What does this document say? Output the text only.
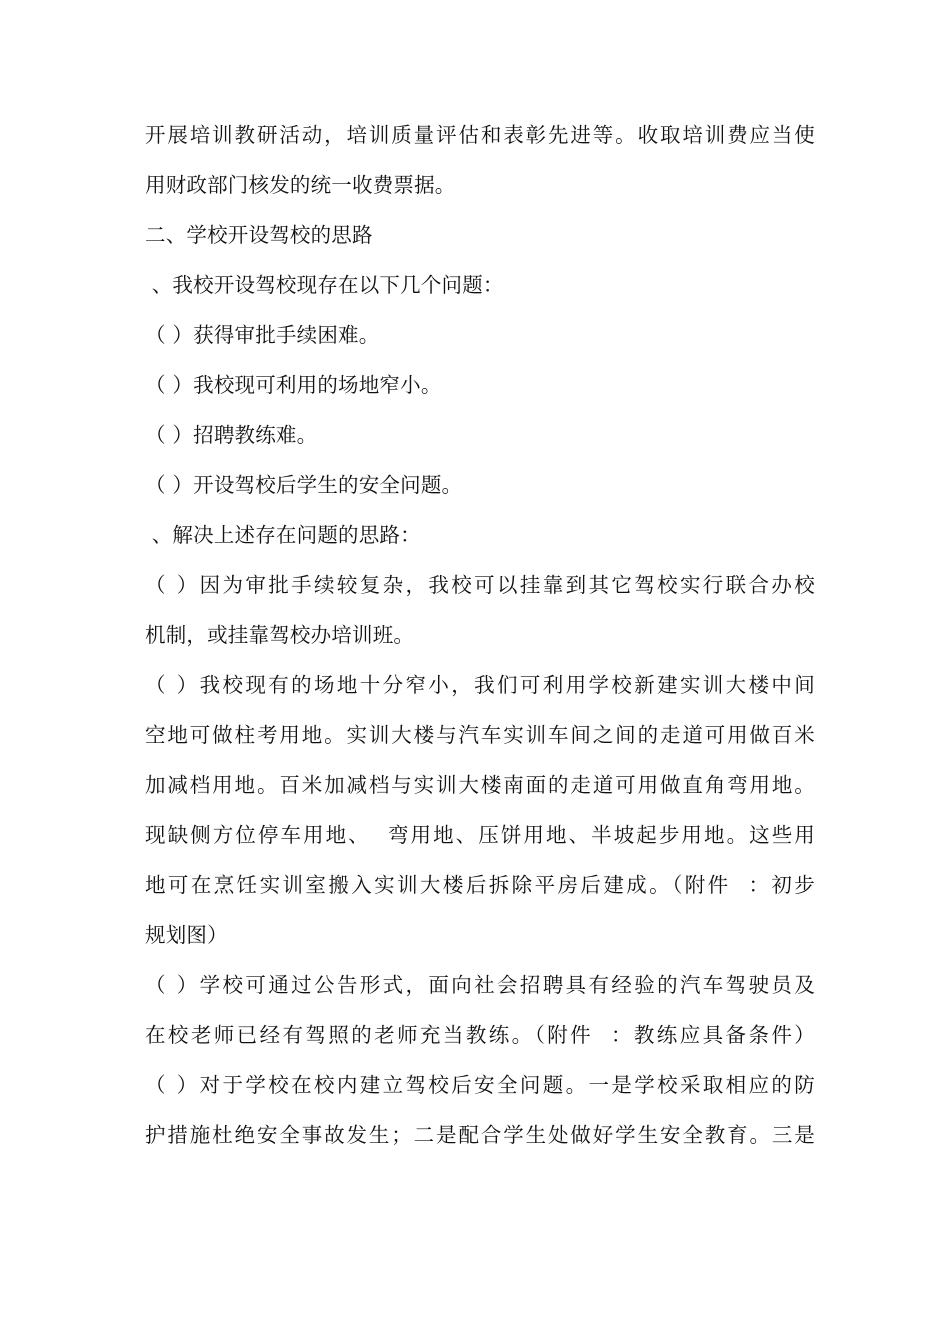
开展培训教研活动，培训质量评估和表彰先进等。收取培训费应当使
用财政部门核发的统一收费票据。
二、学校开设驾校的思路
、我校开设驾校现存在以下几个问题：
（ ）获得审批手续困难。
（ ）我校现可利用的场地窄小。
（ ）招聘教练难。
（ ）开设驾校后学生的安全问题。
、解决上述存在问题的思路：
（ ）因为审批手续较复杂，我校可以挂靠到其它驾校实行联合办校
机制，或挂靠驾校办培训班。
（ ）我校现有的场地十分窄小，我们可利用学校新建实训大楼中间
空地可做柱考用地。实训大楼与汽车实训车间之间的走道可用做百米
加减档用地。百米加减档与实训大楼南面的走道可用做直角弯用地。
现缺侧方位停车用地、  弯用地、压饼用地、半坡起步用地。这些用
地可在烹饪实训室搬入实训大楼后拆除平房后建成。（附件  ：初步
规划图）
（ ）学校可通过公告形式，面向社会招聘具有经验的汽车驾驶员及
在校老师已经有驾照的老师充当教练。（附件  ：教练应具备条件）
（ ）对于学校在校内建立驾校后安全问题。一是学校采取相应的防
护措施杜绝安全事故发生；二是配合学生处做好学生安全教育。三是
